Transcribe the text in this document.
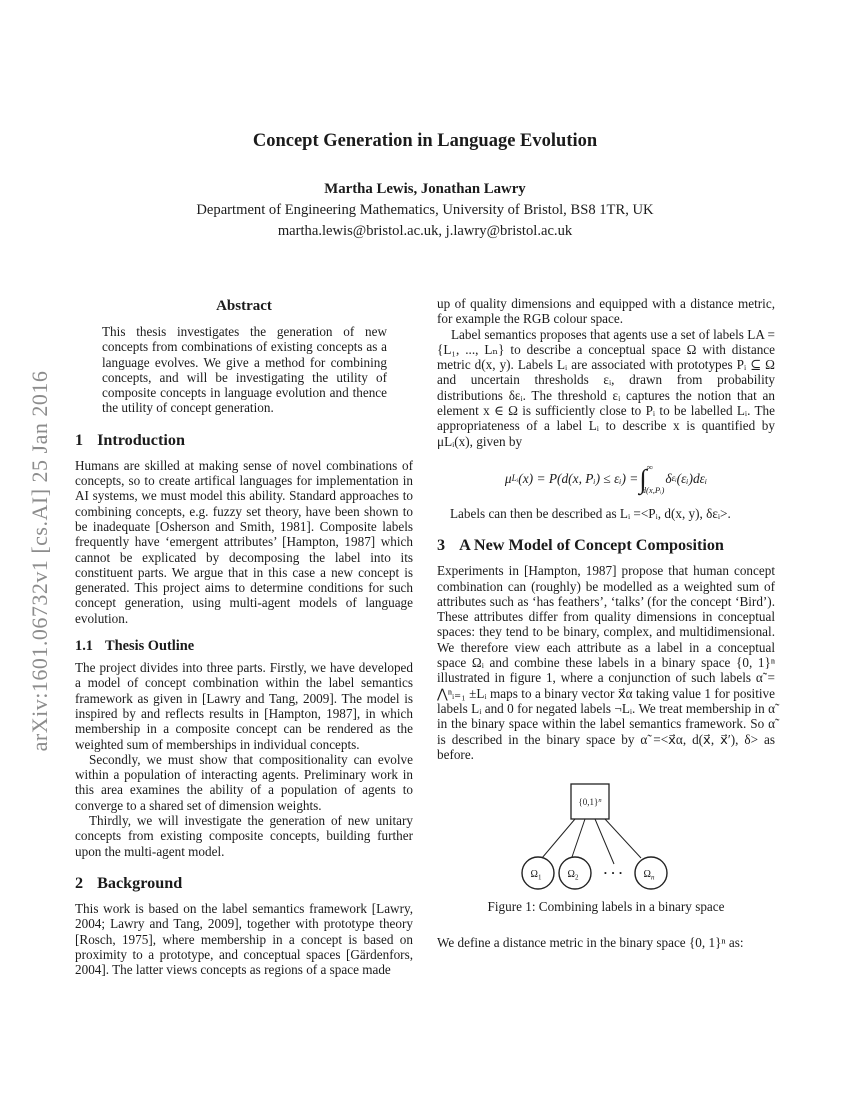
arXiv:1601.06732v1 [cs.AI] 25 Jan 2016
Concept Generation in Language Evolution
Martha Lewis, Jonathan Lawry
Department of Engineering Mathematics, University of Bristol, BS8 1TR, UK
martha.lewis@bristol.ac.uk, j.lawry@bristol.ac.uk
Abstract

This thesis investigates the generation of new concepts from combinations of existing concepts as a language evolves. We give a method for combining concepts, and will be investigating the utility of composite concepts in language evolution and thence the utility of concept generation.

1 Introduction

Humans are skilled at making sense of novel combinations of concepts, so to create artifical languages for implementation in AI systems, we must model this ability. Standard approaches to combining concepts, e.g. fuzzy set theory, have been shown to be inadequate [Osherson and Smith, 1981]. Composite labels frequently have ‘emergent attributes’ [Hampton, 1987] which cannot be explicated by decomposing the label into its constituent parts. We argue that in this case a new concept is generated. This project aims to determine conditions for such concept generation, using multi-agent models of language evolution.

1.1 Thesis Outline

The project divides into three parts. Firstly, we have developed a model of concept combination within the label semantics framework as given in [Lawry and Tang, 2009]. The model is inspired by and reflects results in [Hampton, 1987], in which membership in a composite concept can be rendered as the weighted sum of memberships in individual concepts.

Secondly, we must show that compositionality can evolve within a population of interacting agents. Preliminary work in this area examines the ability of a population of agents to converge to a shared set of dimension weights.

Thirdly, we will investigate the generation of new unitary concepts from existing composite concepts, building further upon the multi-agent model.

2 Background

This work is based on the label semantics framework [Lawry, 2004; Lawry and Tang, 2009], together with prototype theory [Rosch, 1975], where membership in a concept is based on proximity to a prototype, and conceptual spaces [Gärdenfors, 2004]. The latter views concepts as regions of a space made

up of quality dimensions and equipped with a distance metric, for example the RGB colour space.

Label semantics proposes that agents use a set of labels LA = {L₁, ..., Lₙ} to describe a conceptual space Ω with distance metric d(x, y). Labels Lᵢ are associated with prototypes Pᵢ ⊆ Ω and uncertain thresholds εᵢ, drawn from probability distributions δεᵢ. The threshold εᵢ captures the notion that an element x ∈ Ω is sufficiently close to Pᵢ to be labelled Lᵢ. The appropriateness of a label Lᵢ to describe x is quantified by μLᵢ(x), given by

μ Lᵢ (x) = P(d(x, Pᵢ) ≤ εᵢ) = ∫ ∞
d(x,Pᵢ)
δ εᵢ (εᵢ)dεᵢ

Labels can then be described as Lᵢ =<Pᵢ, d(x, y), δεᵢ>.

3 A New Model of Concept Composition

Experiments in [Hampton, 1987] propose that human concept combination can (roughly) be modelled as a weighted sum of attributes such as ‘has feathers’, ‘talks’ (for the concept ‘Bird’). These attributes differ from quality dimensions in conceptual spaces: they tend to be binary, complex, and multidimensional. We therefore view each attribute as a label in a conceptual space Ωᵢ and combine these labels in a binary space {0, 1}ⁿ illustrated in figure 1, where a conjunction of such labels α̃ = ⋀ⁿᵢ₌₁ ±Lᵢ maps to a binary vector x⃗α taking value 1 for positive labels Lᵢ and 0 for negated labels ¬Lᵢ. We treat membership in α̃ in the binary space within the label semantics framework. So α̃ is described in the binary space by α̃ =<x⃗α, d(x⃗, x⃗′), δ> as before.

$\{0,1\}^n$
$\Omega_1$	$\Omega_2$ · · · $\Omega_n$
Figure 1: Combining labels in a binary space

We define a distance metric in the binary space {0, 1}ⁿ as:
